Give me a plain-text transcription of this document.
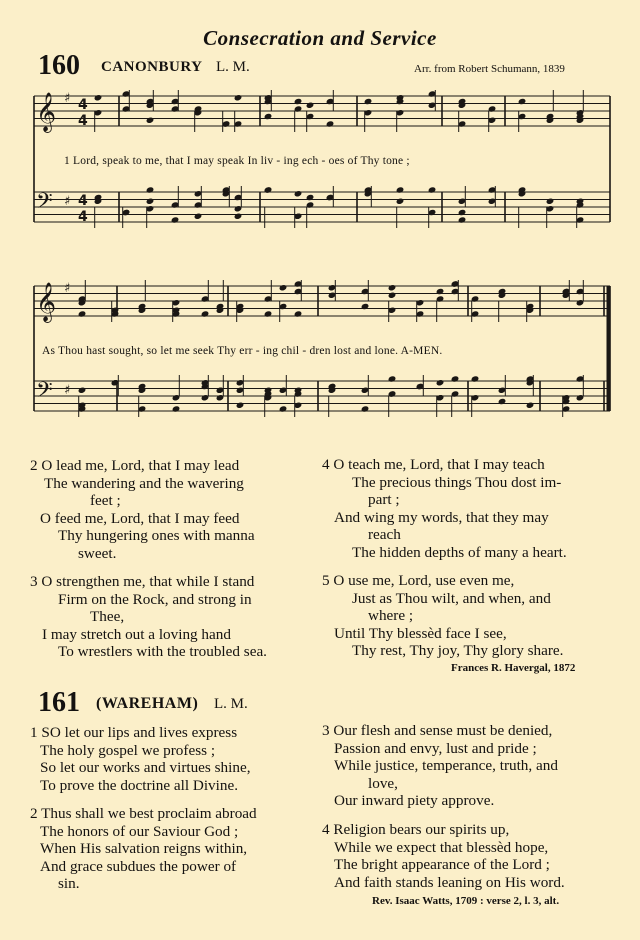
Consecration and Service
160 CANONBURY L. M.	Arr. from Robert Schumann, 1839
𝄞 ♯ 4
4
𝄢 ♯ 4
4
𝄞 ♯
𝄢 ♯
1 Lord, speak to me, that I may speak In liv - ing ech - oes of Thy tone ;
As Thou hast sought, so let me seek Thy err - ing chil - dren lost and lone. A-MEN.
2 O lead me, Lord, that I may lead
The wandering and the wavering
feet ;
O feed me, Lord, that I may feed
Thy hungering ones with manna
sweet.
3 O strengthen me, that while I stand
Firm on the Rock, and strong in
Thee,
I may stretch out a loving hand
To wrestlers with the troubled sea.
4 O teach me, Lord, that I may teach
The precious things Thou dost im-
part ;
And wing my words, that they may
reach
The hidden depths of many a heart.
5 O use me, Lord, use even me,
Just as Thou wilt, and when, and
where ;
Until Thy blessèd face I see,
Thy rest, Thy joy, Thy glory share.
Frances R. Havergal, 1872
161 (WAREHAM) L. M.
1 SO let our lips and lives express
The holy gospel we profess ;
So let our works and virtues shine,
To prove the doctrine all Divine.
2 Thus shall we best proclaim abroad
The honors of our Saviour God ;
When His salvation reigns within,
And grace subdues the power of
sin.
3 Our flesh and sense must be denied,
Passion and envy, lust and pride ;
While justice, temperance, truth, and
love,
Our inward piety approve.
4 Religion bears our spirits up,
While we expect that blessèd hope,
The bright appearance of the Lord ;
And faith stands leaning on His word.
Rev. Isaac Watts, 1709 : verse 2, l. 3, alt.
